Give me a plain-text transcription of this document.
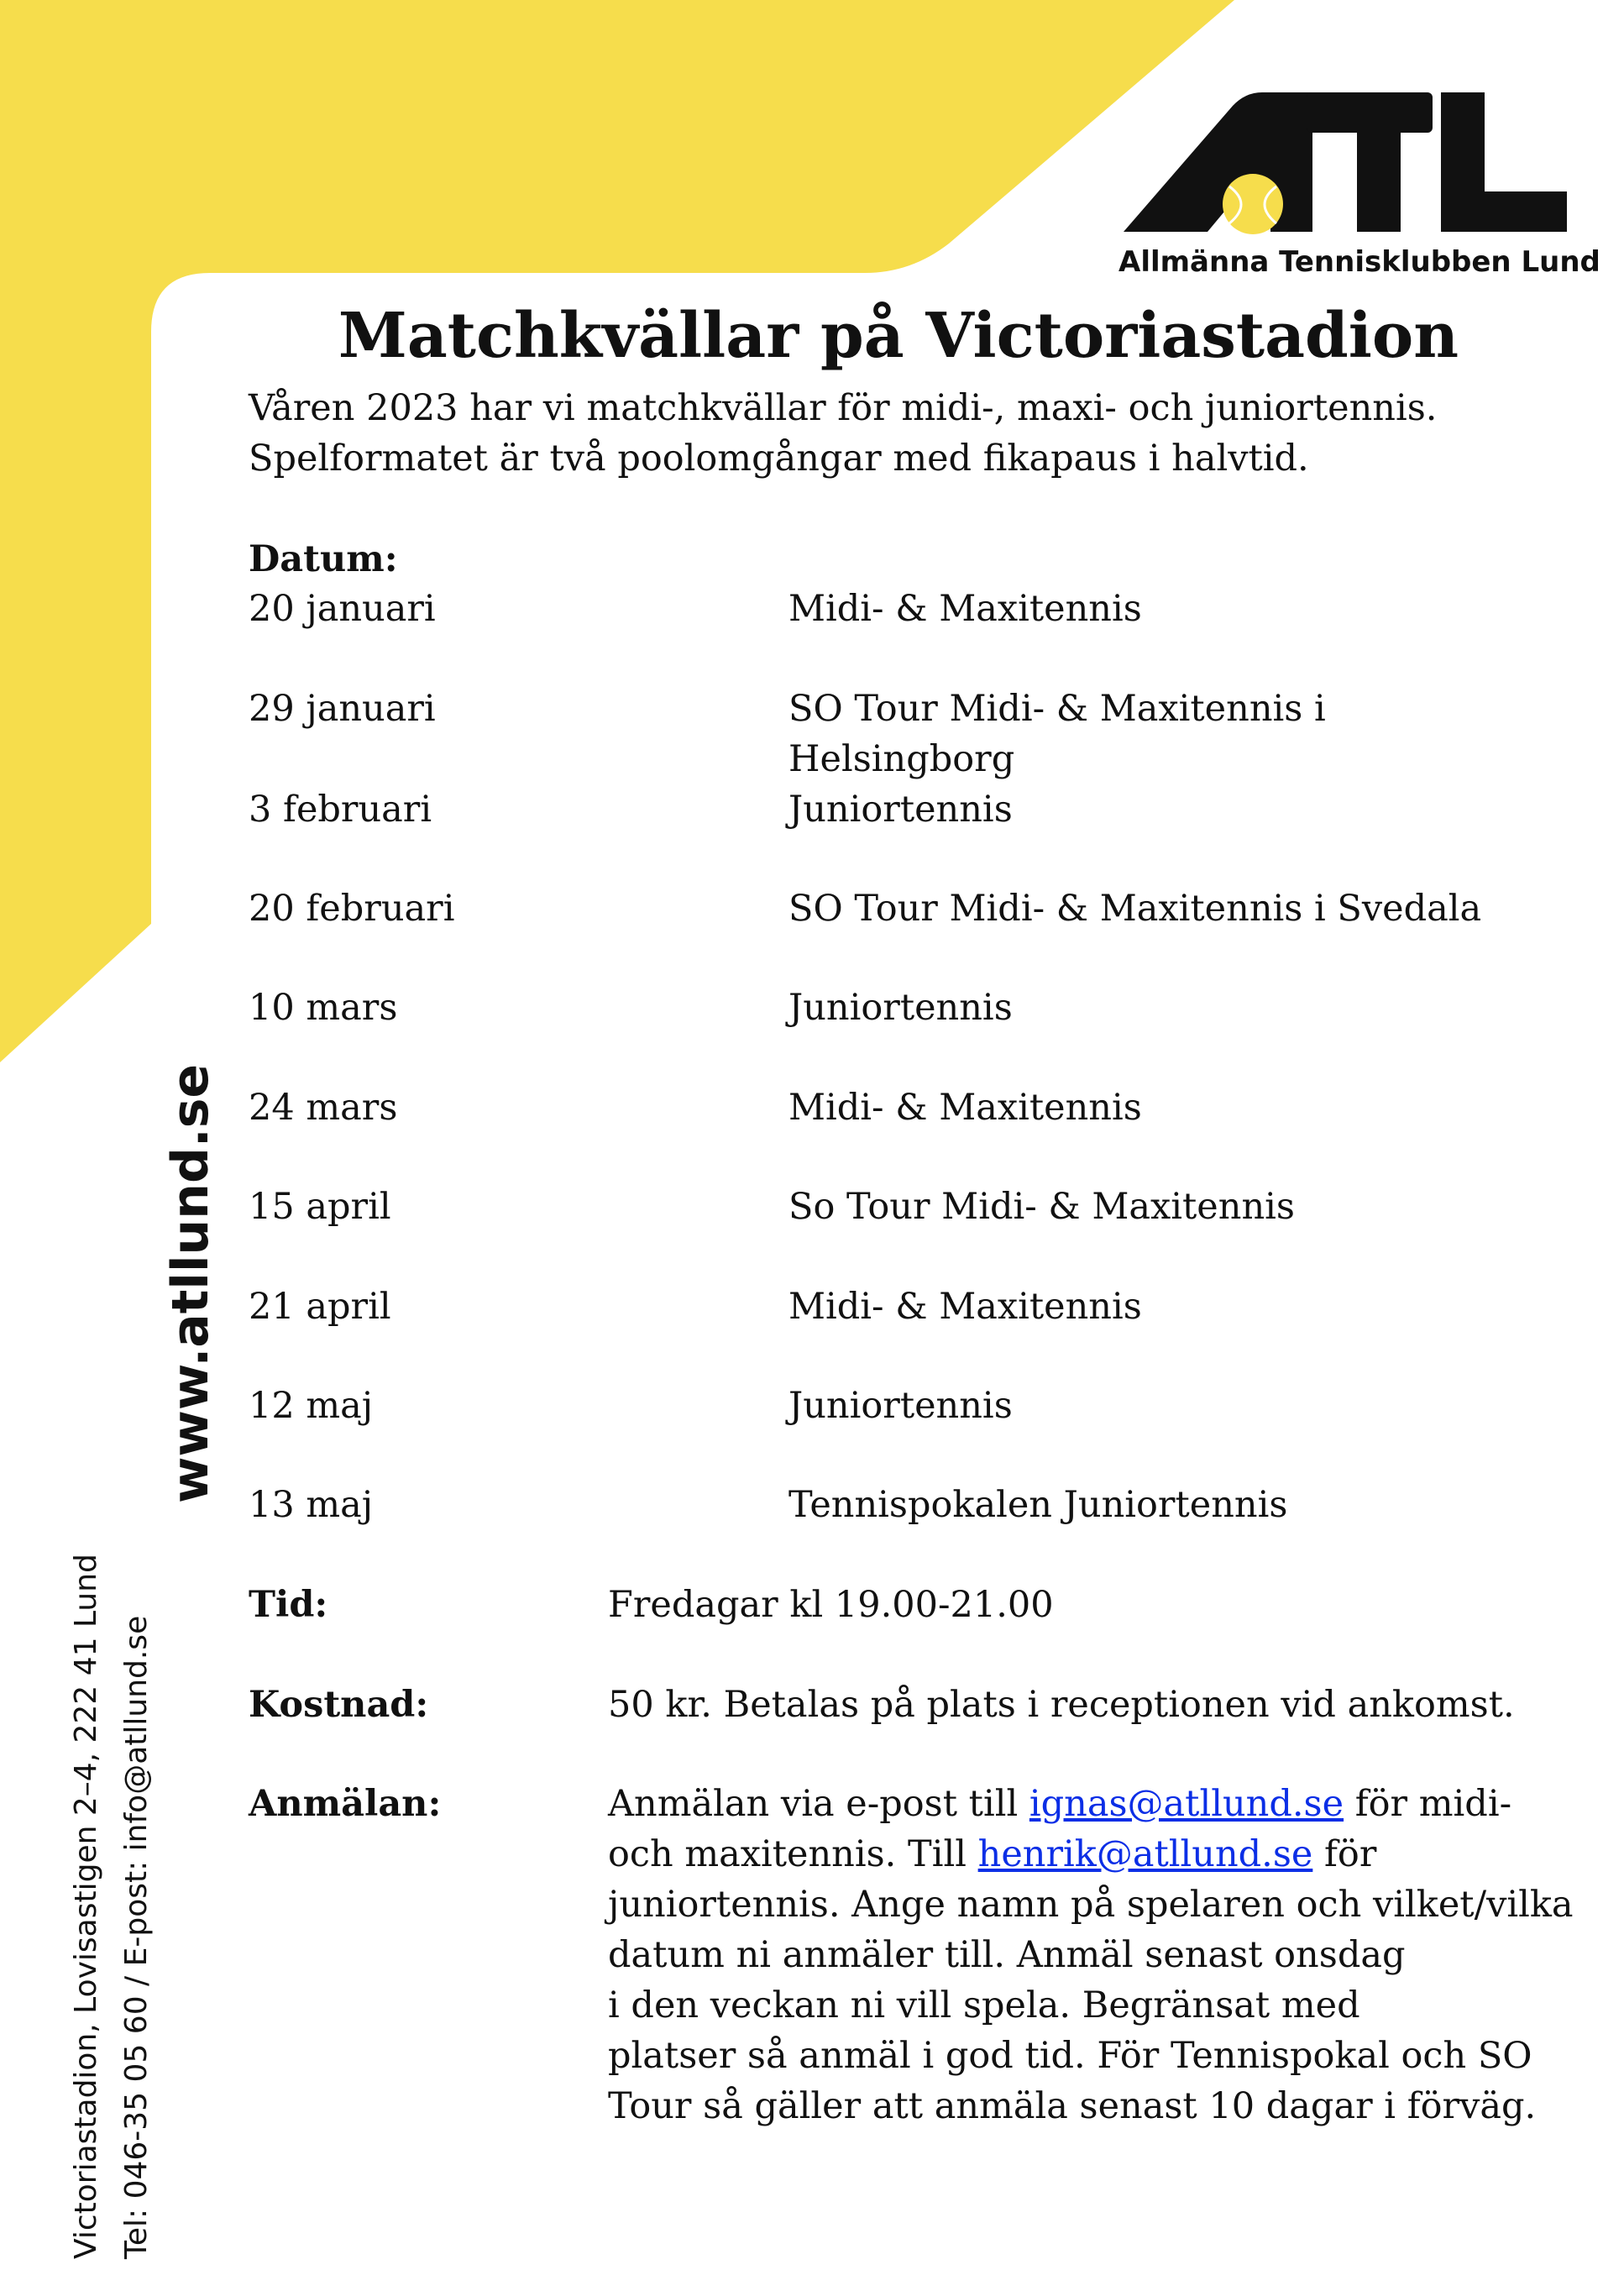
Allmänna Tennisklubben Lund
Matchkvällar på Victoriastadion
Våren 2023 har vi matchkvällar för midi-, maxi- och juniortennis.
Spelformatet är två poolomgångar med fikapaus i halvtid.
Datum:
20 januari	Midi- & Maxitennis
29 januari	SO Tour Midi- & Maxitennis i Helsingborg
3 februari	Juniortennis
20 februari	SO Tour Midi- & Maxitennis i Svedala
10 mars	Juniortennis
24 mars	Midi- & Maxitennis
15 april	So Tour Midi- & Maxitennis
21 april	Midi- & Maxitennis
12 maj	Juniortennis
13 maj	Tennispokalen Juniortennis
Tid:	Fredagar kl 19.00-21.00
Kostnad:	50 kr. Betalas på plats i receptionen vid ankomst.
Anmälan:	Anmälan via e-post till ignas@atllund.se för midi-
och maxitennis. Till henrik@atllund.se för
juniortennis. Ange namn på spelaren och vilket/vilka
datum ni anmäler till. Anmäl senast onsdag
i den veckan ni vill spela. Begränsat med
platser så anmäl i god tid. För Tennispokal och SO
Tour så gäller att anmäla senast 10 dagar i förväg.
www.atllund.se
Victoriastadion, Lovisastigen 2–4, 222 41 Lund Tel: 046-35 05 60 / E-post: info@atllund.se
